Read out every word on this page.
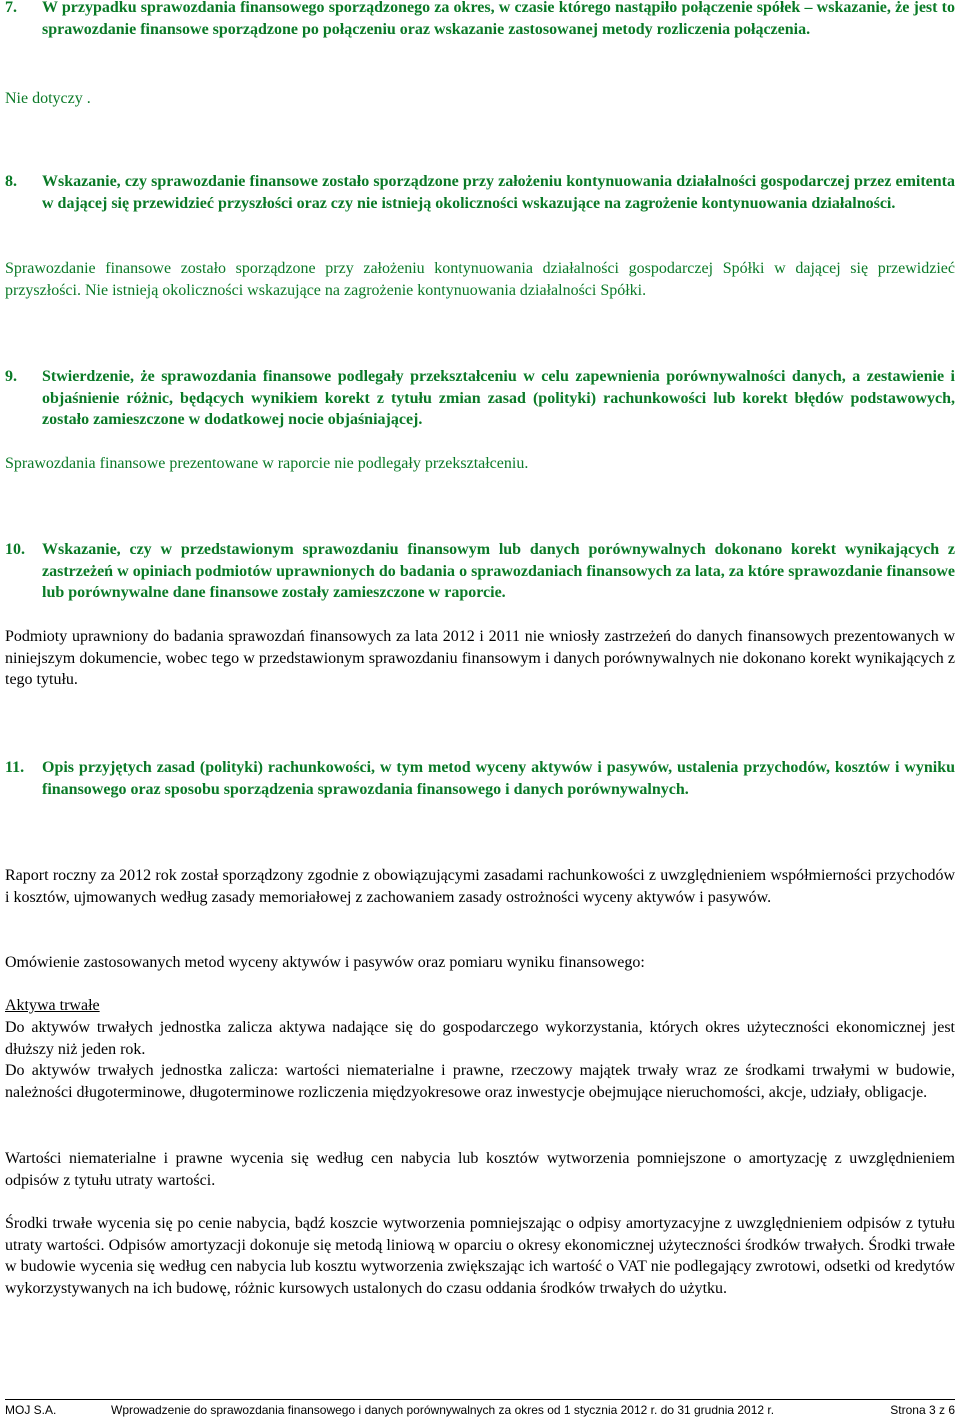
7. W przypadku sprawozdania finansowego sporządzonego za okres, w czasie którego nastąpiło połączenie spółek – wskazanie, że jest to sprawozdanie finansowe sporządzone po połączeniu oraz wskazanie zastosowanej metody rozliczenia połączenia.
Nie dotyczy .
8. Wskazanie, czy sprawozdanie finansowe zostało sporządzone przy założeniu kontynuowania działalności gospodarczej przez emitenta w dającej się przewidzieć przyszłości oraz czy nie istnieją okoliczności wskazujące na zagrożenie kontynuowania działalności.
Sprawozdanie finansowe zostało sporządzone przy założeniu kontynuowania działalności gospodarczej Spółki w dającej się przewidzieć przyszłości. Nie istnieją okoliczności wskazujące na zagrożenie kontynuowania działalności Spółki.
9. Stwierdzenie, że sprawozdania finansowe podlegały przekształceniu w celu zapewnienia porównywalności danych, a zestawienie i objaśnienie różnic, będących wynikiem korekt z tytułu zmian zasad (polityki) rachunkowości lub korekt błędów podstawowych, zostało zamieszczone w dodatkowej nocie objaśniającej.
Sprawozdania finansowe prezentowane w raporcie nie podlegały przekształceniu.
10. Wskazanie, czy w przedstawionym sprawozdaniu finansowym lub danych porównywalnych dokonano korekt wynikających z zastrzeżeń w opiniach podmiotów uprawnionych do badania o sprawozdaniach finansowych za lata, za które sprawozdanie finansowe lub porównywalne dane finansowe zostały zamieszczone w raporcie.
Podmioty uprawniony do badania sprawozdań finansowych za lata 2012 i 2011 nie wniosły zastrzeżeń do danych finansowych prezentowanych w niniejszym dokumencie, wobec tego w przedstawionym sprawozdaniu finansowym i danych porównywalnych nie dokonano korekt wynikających z tego tytułu.
11. Opis przyjętych zasad (polityki) rachunkowości, w tym metod wyceny aktywów i pasywów, ustalenia przychodów, kosztów i wyniku finansowego oraz sposobu sporządzenia sprawozdania finansowego i danych porównywalnych.
Raport roczny za 2012 rok został sporządzony zgodnie z obowiązującymi zasadami rachunkowości z uwzględnieniem współmierności przychodów i kosztów, ujmowanych według zasady memoriałowej z zachowaniem zasady ostrożności wyceny aktywów i pasywów.
Omówienie zastosowanych metod wyceny aktywów i pasywów oraz pomiaru wyniku finansowego:
Aktywa trwałe
Do aktywów trwałych jednostka zalicza aktywa nadające się do gospodarczego wykorzystania, których okres użyteczności ekonomicznej jest dłuższy niż jeden rok.
Do aktywów trwałych jednostka zalicza: wartości niematerialne i prawne, rzeczowy majątek trwały wraz ze środkami trwałymi w budowie, należności długoterminowe, długoterminowe rozliczenia międzyokresowe oraz inwestycje obejmujące nieruchomości, akcje, udziały, obligacje.
Wartości niematerialne i prawne wycenia się według cen nabycia lub kosztów wytworzenia pomniejszone o amortyzację z uwzględnieniem odpisów z tytułu utraty wartości.
Środki trwałe wycenia się po cenie nabycia, bądź koszcie wytworzenia pomniejszając o odpisy amortyzacyjne z uwzględnieniem odpisów z tytułu utraty wartości. Odpisów amortyzacji dokonuje się metodą liniową w oparciu o okresy ekonomicznej użyteczności środków trwałych. Środki trwałe w budowie wycenia się według cen nabycia lub kosztu wytworzenia zwiększając ich wartość o VAT nie podlegający zwrotowi, odsetki od kredytów wykorzystywanych na ich budowę, różnic kursowych ustalonych do czasu oddania środków trwałych do użytku.
MOJ S.A.	Wprowadzenie do sprawozdania finansowego i danych porównywalnych za okres od 1 stycznia 2012 r. do 31 grudnia 2012 r.	Strona 3 z 6
